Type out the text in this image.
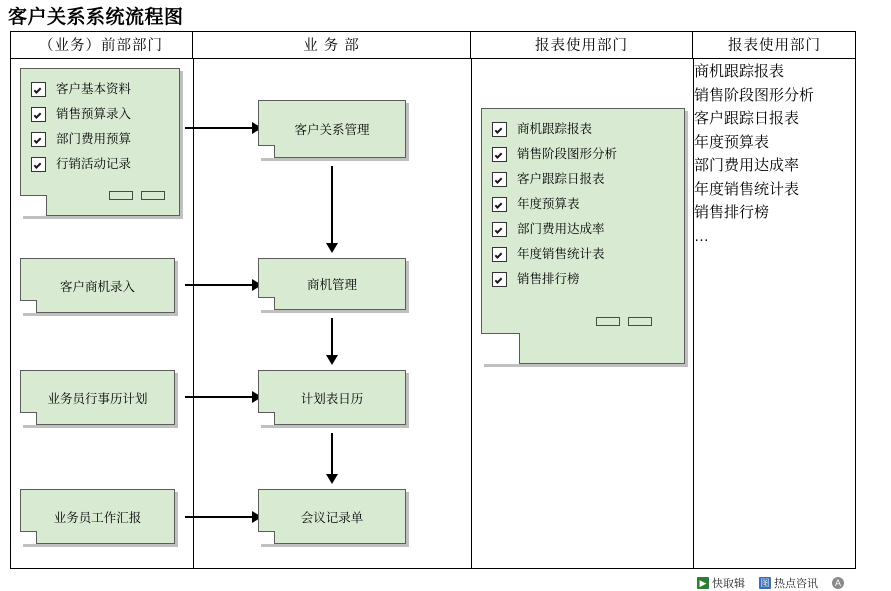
客户关系系统流程图
（业务）前部部门	业 务 部	报表使用部门	报表使用部门
客户基本资料
销售预算录入
部门费用预算
行销活动记录
客户商机录入
业务员行事历计划
业务员工作汇报
客户关系管理
商机管理
计划表日历
会议记录单
商机跟踪报表
销售阶段图形分析
客户跟踪日报表
年度预算表
部门费用达成率
年度销售统计表
销售排行榜
商机跟踪报表
销售阶段图形分析
客户跟踪日报表
年度预算表
部门费用达成率
年度销售统计表
销售排行榜
…
▶ 快取辑 图 热点咨讯	A
